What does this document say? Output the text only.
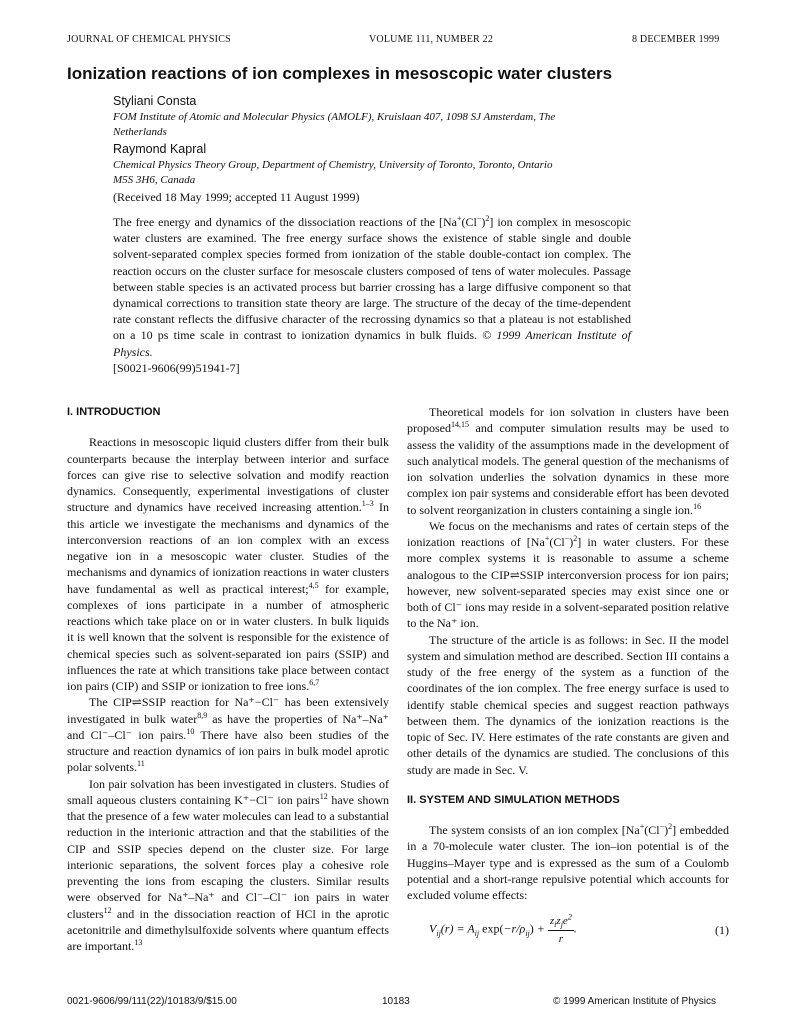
JOURNAL OF CHEMICAL PHYSICS	VOLUME 111, NUMBER 22	8 DECEMBER 1999
Ionization reactions of ion complexes in mesoscopic water clusters
Styliani Consta
FOM Institute of Atomic and Molecular Physics (AMOLF), Kruislaan 407, 1098 SJ Amsterdam, The Netherlands
Raymond Kapral
Chemical Physics Theory Group, Department of Chemistry, University of Toronto, Toronto, Ontario M5S 3H6, Canada
(Received 18 May 1999; accepted 11 August 1999)
The free energy and dynamics of the dissociation reactions of the $[Na^+(Cl^-)^2]$ ion complex in mesoscopic water clusters are examined. The free energy surface shows the existence of stable single and double solvent-separated complex species formed from ionization of the stable double-contact ion complex. The reaction occurs on the cluster surface for mesoscale clusters composed of tens of water molecules. Passage between stable species is an activated process but barrier crossing has a large diffusive component so that dynamical corrections to transition state theory are large. The structure of the decay of the time-dependent rate constant reflects the diffusive character of the recrossing dynamics so that a plateau is not established on a 10 ps time scale in contrast to ionization dynamics in bulk fluids. © 1999 American Institute of Physics.
[S0021-9606(99)51941-7]
I. INTRODUCTION

Reactions in mesoscopic liquid clusters differ from their bulk counterparts because the interplay between interior and surface forces can give rise to selective solvation and modify reaction dynamics. Consequently, experimental investigations of cluster structure and dynamics have received increasing attention.$^{1-3}$ In this article we investigate the mechanisms and dynamics of the interconversion reactions of an ion complex with an excess negative ion in a mesoscopic water cluster. Studies of the mechanisms and dynamics of ionization reactions in water clusters have fundamental as well as practical interest;$^{4,5}$ for example, complexes of ions participate in a number of atmospheric reactions which take place on or in water clusters. In bulk liquids it is well known that the solvent is responsible for the existence of chemical species such as solvent-separated ion pairs (SSIP) and influences the rate at which transitions take place between contact ion pairs (CIP) and SSIP or ionization to free ions.$^{6,7}$

The CIP⇌SSIP reaction for Na⁺−Cl⁻ has been extensively investigated in bulk water$^{8,9}$ as have the properties of Na⁺–Na⁺ and Cl⁻–Cl⁻ ion pairs.$^{10}$ There have also been studies of the structure and reaction dynamics of ion pairs in bulk model aprotic polar solvents.$^{11}$

Ion pair solvation has been investigated in clusters. Studies of small aqueous clusters containing K⁺−Cl⁻ ion pairs$^{12}$ have shown that the presence of a few water molecules can lead to a substantial reduction in the interionic attraction and that the stabilities of the CIP and SSIP species depend on the cluster size. For large interionic separations, the solvent forces play a cohesive role preventing the ions from escaping the clusters. Similar results were observed for Na⁺–Na⁺ and Cl⁻–Cl⁻ ion pairs in water clusters$^{12}$ and in the dissociation reaction of HCl in the aprotic acetonitrile and dimethylsulfoxide solvents where quantum effects are important.$^{13}$

Theoretical models for ion solvation in clusters have been proposed$^{14,15}$ and computer simulation results may be used to assess the validity of the assumptions made in the development of such analytical models. The general question of the mechanisms of ion solvation underlies the solvation dynamics in these more complex ion pair systems and considerable effort has been devoted to solvent reorganization in clusters containing a single ion.$^{16}$

We focus on the mechanisms and rates of certain steps of the ionization reactions of $[Na^+(Cl^-)^2]$ in water clusters. For these more complex systems it is reasonable to assume a scheme analogous to the CIP⇌SSIP interconversion process for ion pairs; however, new solvent-separated species may exist since one or both of Cl⁻ ions may reside in a solvent-separated position relative to the Na⁺ ion.

The structure of the article is as follows: in Sec. II the model system and simulation method are described. Section III contains a study of the free energy of the system as a function of the coordinates of the ion complex. The free energy surface is used to identify stable chemical species and suggest reaction pathways between them. The dynamics of the ionization reactions is the topic of Sec. IV. Here estimates of the rate constants are given and other details of the dynamics are studied. The conclusions of this study are made in Sec. V.

II. SYSTEM AND SIMULATION METHODS

The system consists of an ion complex $[Na^+(Cl^-)^2]$ embedded in a 70-molecule water cluster. The ion–ion potential is of the Huggins–Mayer type and is expressed as the sum of a Coulomb potential and a short-range repulsive potential which accounts for excluded volume effects:

$V_{ij}(r) = A_{ij}$ $\exp(-r/\rho_{ij}) + \frac{z_iz_je^2}{r}$ .	(1)
0021-9606/99/111(22)/10183/9/$15.00	10183	© 1999 American Institute of Physics
